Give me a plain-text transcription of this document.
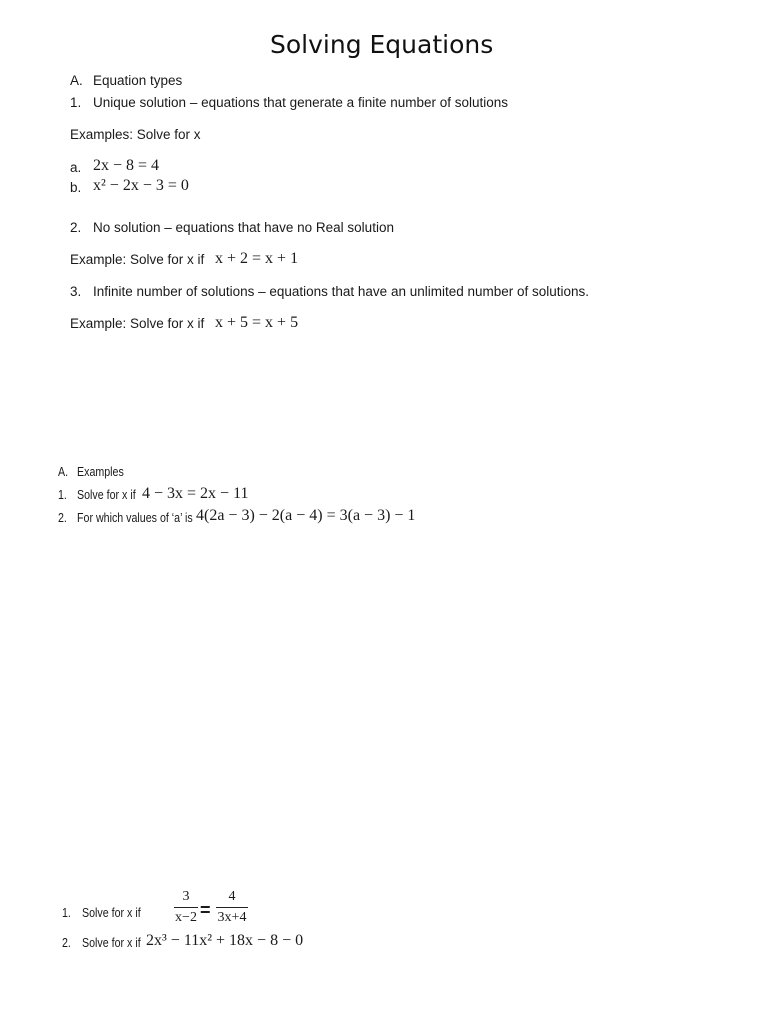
Solving Equations
A. Equation types
1. Unique solution – equations that generate a finite number of solutions
Examples: Solve for x
a. 2x − 8 = 4
b. x² − 2x − 3 = 0
2. No solution – equations that have no Real solution
Example: Solve for x if x + 2 = x + 1
3. Infinite number of solutions – equations that have an unlimited number of solutions.
Example: Solve for x if x + 5 = x + 5
A. Examples
1. Solve for x if 4 − 3x = 2x − 11
2. For which values of ‘a’ is 4(2a − 3) − 2(a − 4) = 3(a − 3) − 1
1. Solve for x if
3
x−2 =
4
3x+4
2. Solve for x if 2x³ − 11x² + 18x − 8 − 0
